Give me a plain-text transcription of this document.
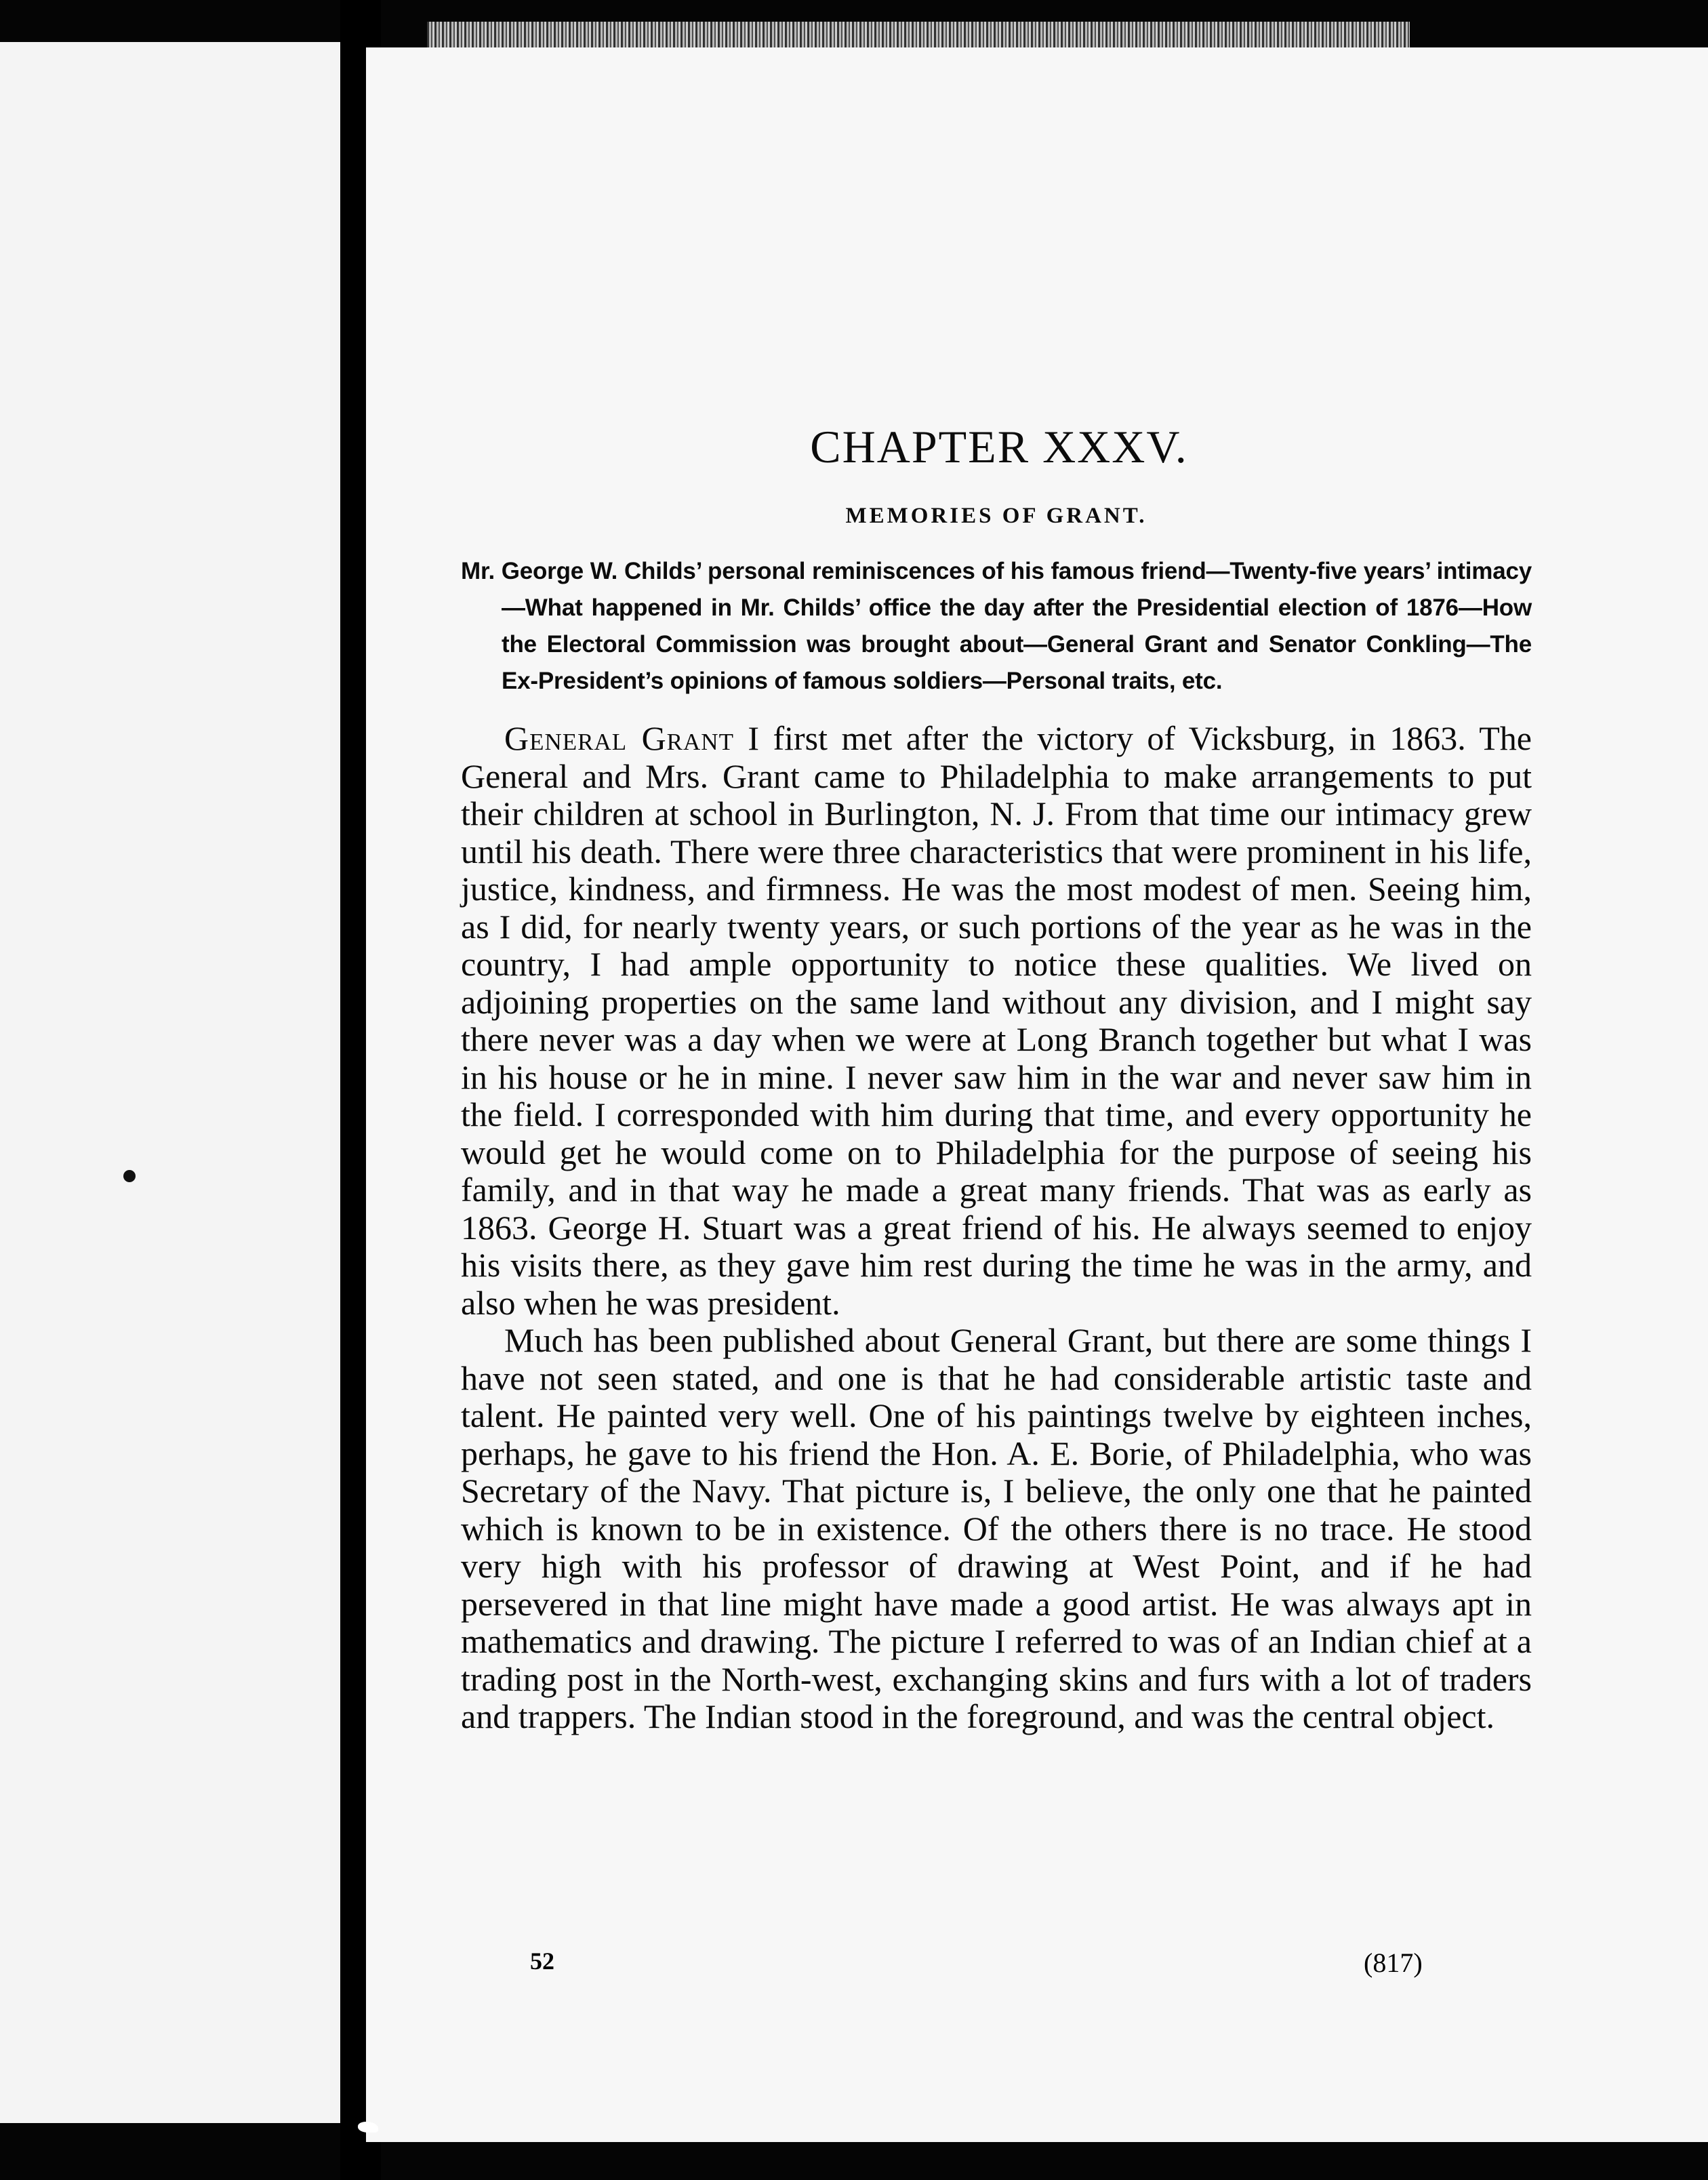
CHAPTER XXXV.
MEMORIES OF GRANT.

Mr. George W. Childs’ personal reminiscences of his famous friend—Twenty-five years’ intimacy—What happened in Mr. Childs’ office the day after the Presidential election of 1876—How the Electoral Commission was brought about—General Grant and Senator Conkling—The Ex-President’s opinions of famous soldiers—Personal traits, etc.

General Grant I first met after the victory of Vicksburg, in 1863. The General and Mrs. Grant came to Philadelphia to make arrangements to put their children at school in Burlington, N. J. From that time our intimacy grew until his death. There were three characteristics that were prominent in his life, justice, kindness, and firmness. He was the most modest of men. Seeing him, as I did, for nearly twenty years, or such portions of the year as he was in the country, I had ample opportunity to notice these qualities. We lived on adjoining properties on the same land without any division, and I might say there never was a day when we were at Long Branch together but what I was in his house or he in mine. I never saw him in the war and never saw him in the field. I corresponded with him during that time, and every opportunity he would get he would come on to Philadelphia for the purpose of seeing his family, and in that way he made a great many friends. That was as early as 1863. George H. Stuart was a great friend of his. He always seemed to enjoy his visits there, as they gave him rest during the time he was in the army, and also when he was president.

Much has been published about General Grant, but there are some things I have not seen stated, and one is that he had considerable artistic taste and talent. He painted very well. One of his paintings twelve by eighteen inches, perhaps, he gave to his friend the Hon. A. E. Borie, of Philadelphia, who was Secretary of the Navy. That picture is, I believe, the only one that he painted which is known to be in existence. Of the others there is no trace. He stood very high with his professor of drawing at West Point, and if he had persevered in that line might have made a good artist. He was always apt in mathematics and drawing. The picture I referred to was of an Indian chief at a trading post in the North-west, exchanging skins and furs with a lot of traders and trappers. The Indian stood in the foreground, and was the central object.

52	(817)
